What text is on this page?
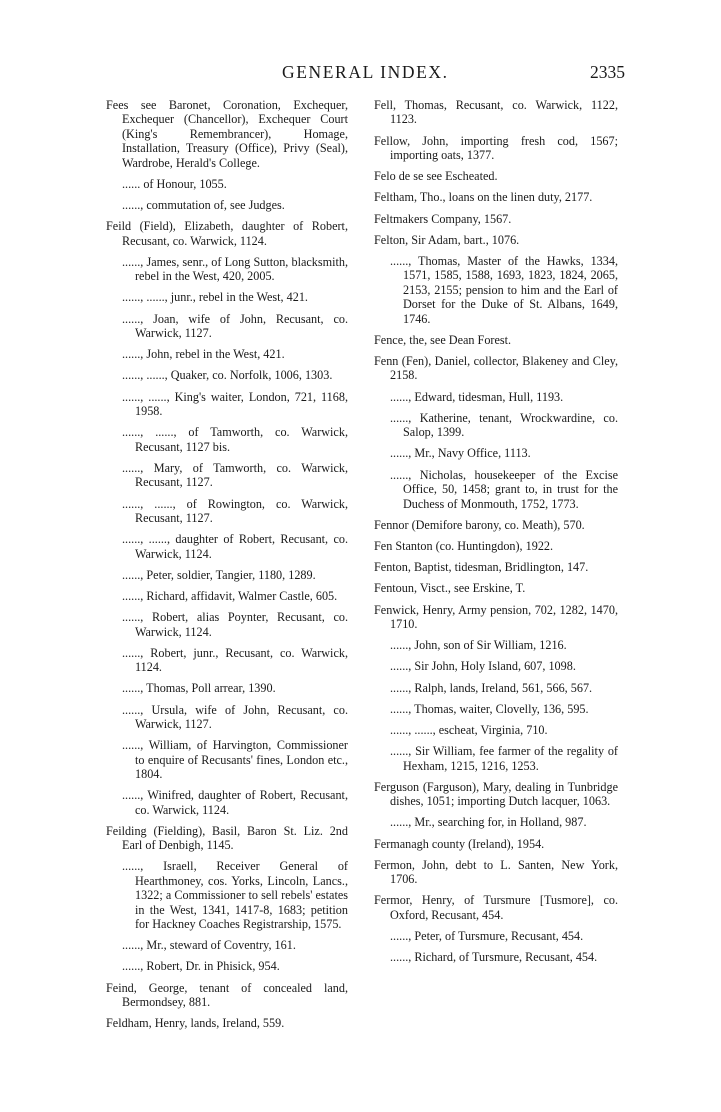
GENERAL INDEX.	2335

Fees see Baronet, Coronation, Exchequer, Exchequer (Chancellor), Exchequer Court (King's Remembrancer), Homage, Installation, Treasury (Office), Privy (Seal), Wardrobe, Herald's College.

...... of Honour, 1055.

......, commutation of, see Judges.

Feild (Field), Elizabeth, daughter of Robert, Recusant, co. Warwick, 1124.

......, James, senr., of Long Sutton, blacksmith, rebel in the West, 420, 2005.

......, ......, junr., rebel in the West, 421.

......, Joan, wife of John, Recusant, co. Warwick, 1127.

......, John, rebel in the West, 421.

......, ......, Quaker, co. Norfolk, 1006, 1303.

......, ......, King's waiter, London, 721, 1168, 1958.

......, ......, of Tamworth, co. Warwick, Recusant, 1127 bis.

......, Mary, of Tamworth, co. Warwick, Recusant, 1127.

......, ......, of Rowington, co. Warwick, Recusant, 1127.

......, ......, daughter of Robert, Recusant, co. Warwick, 1124.

......, Peter, soldier, Tangier, 1180, 1289.

......, Richard, affidavit, Walmer Castle, 605.

......, Robert, alias Poynter, Recusant, co. Warwick, 1124.

......, Robert, junr., Recusant, co. Warwick, 1124.

......, Thomas, Poll arrear, 1390.

......, Ursula, wife of John, Recusant, co. Warwick, 1127.

......, William, of Harvington, Commissioner to enquire of Recusants' fines, London etc., 1804.

......, Winifred, daughter of Robert, Recusant, co. Warwick, 1124.

Feilding (Fielding), Basil, Baron St. Liz. 2nd Earl of Denbigh, 1145.

......, Israell, Receiver General of Hearthmoney, cos. Yorks, Lincoln, Lancs., 1322; a Commissioner to sell rebels' estates in the West, 1341, 1417-8, 1683; petition for Hackney Coaches Registrarship, 1575.

......, Mr., steward of Coventry, 161.

......, Robert, Dr. in Phisick, 954.

Feind, George, tenant of concealed land, Bermondsey, 881.

Feldham, Henry, lands, Ireland, 559.

Fell, Thomas, Recusant, co. Warwick, 1122, 1123.

Fellow, John, importing fresh cod, 1567; importing oats, 1377.

Felo de se see Escheated.

Feltham, Tho., loans on the linen duty, 2177.

Feltmakers Company, 1567.

Felton, Sir Adam, bart., 1076.

......, Thomas, Master of the Hawks, 1334, 1571, 1585, 1588, 1693, 1823, 1824, 2065, 2153, 2155; pension to him and the Earl of Dorset for the Duke of St. Albans, 1649, 1746.

Fence, the, see Dean Forest.

Fenn (Fen), Daniel, collector, Blakeney and Cley, 2158.

......, Edward, tidesman, Hull, 1193.

......, Katherine, tenant, Wrockwardine, co. Salop, 1399.

......, Mr., Navy Office, 1113.

......, Nicholas, housekeeper of the Excise Office, 50, 1458; grant to, in trust for the Duchess of Monmouth, 1752, 1773.

Fennor (Demifore barony, co. Meath), 570.

Fen Stanton (co. Huntingdon), 1922.

Fenton, Baptist, tidesman, Bridlington, 147.

Fentoun, Visct., see Erskine, T.

Fenwick, Henry, Army pension, 702, 1282, 1470, 1710.

......, John, son of Sir William, 1216.

......, Sir John, Holy Island, 607, 1098.

......, Ralph, lands, Ireland, 561, 566, 567.

......, Thomas, waiter, Clovelly, 136, 595.

......, ......, escheat, Virginia, 710.

......, Sir William, fee farmer of the regality of Hexham, 1215, 1216, 1253.

Ferguson (Farguson), Mary, dealing in Tunbridge dishes, 1051; importing Dutch lacquer, 1063.

......, Mr., searching for, in Holland, 987.

Fermanagh county (Ireland), 1954.

Fermon, John, debt to L. Santen, New York, 1706.

Fermor, Henry, of Tursmure [Tusmore], co. Oxford, Recusant, 454.

......, Peter, of Tursmure, Recusant, 454.

......, Richard, of Tursmure, Recusant, 454.
